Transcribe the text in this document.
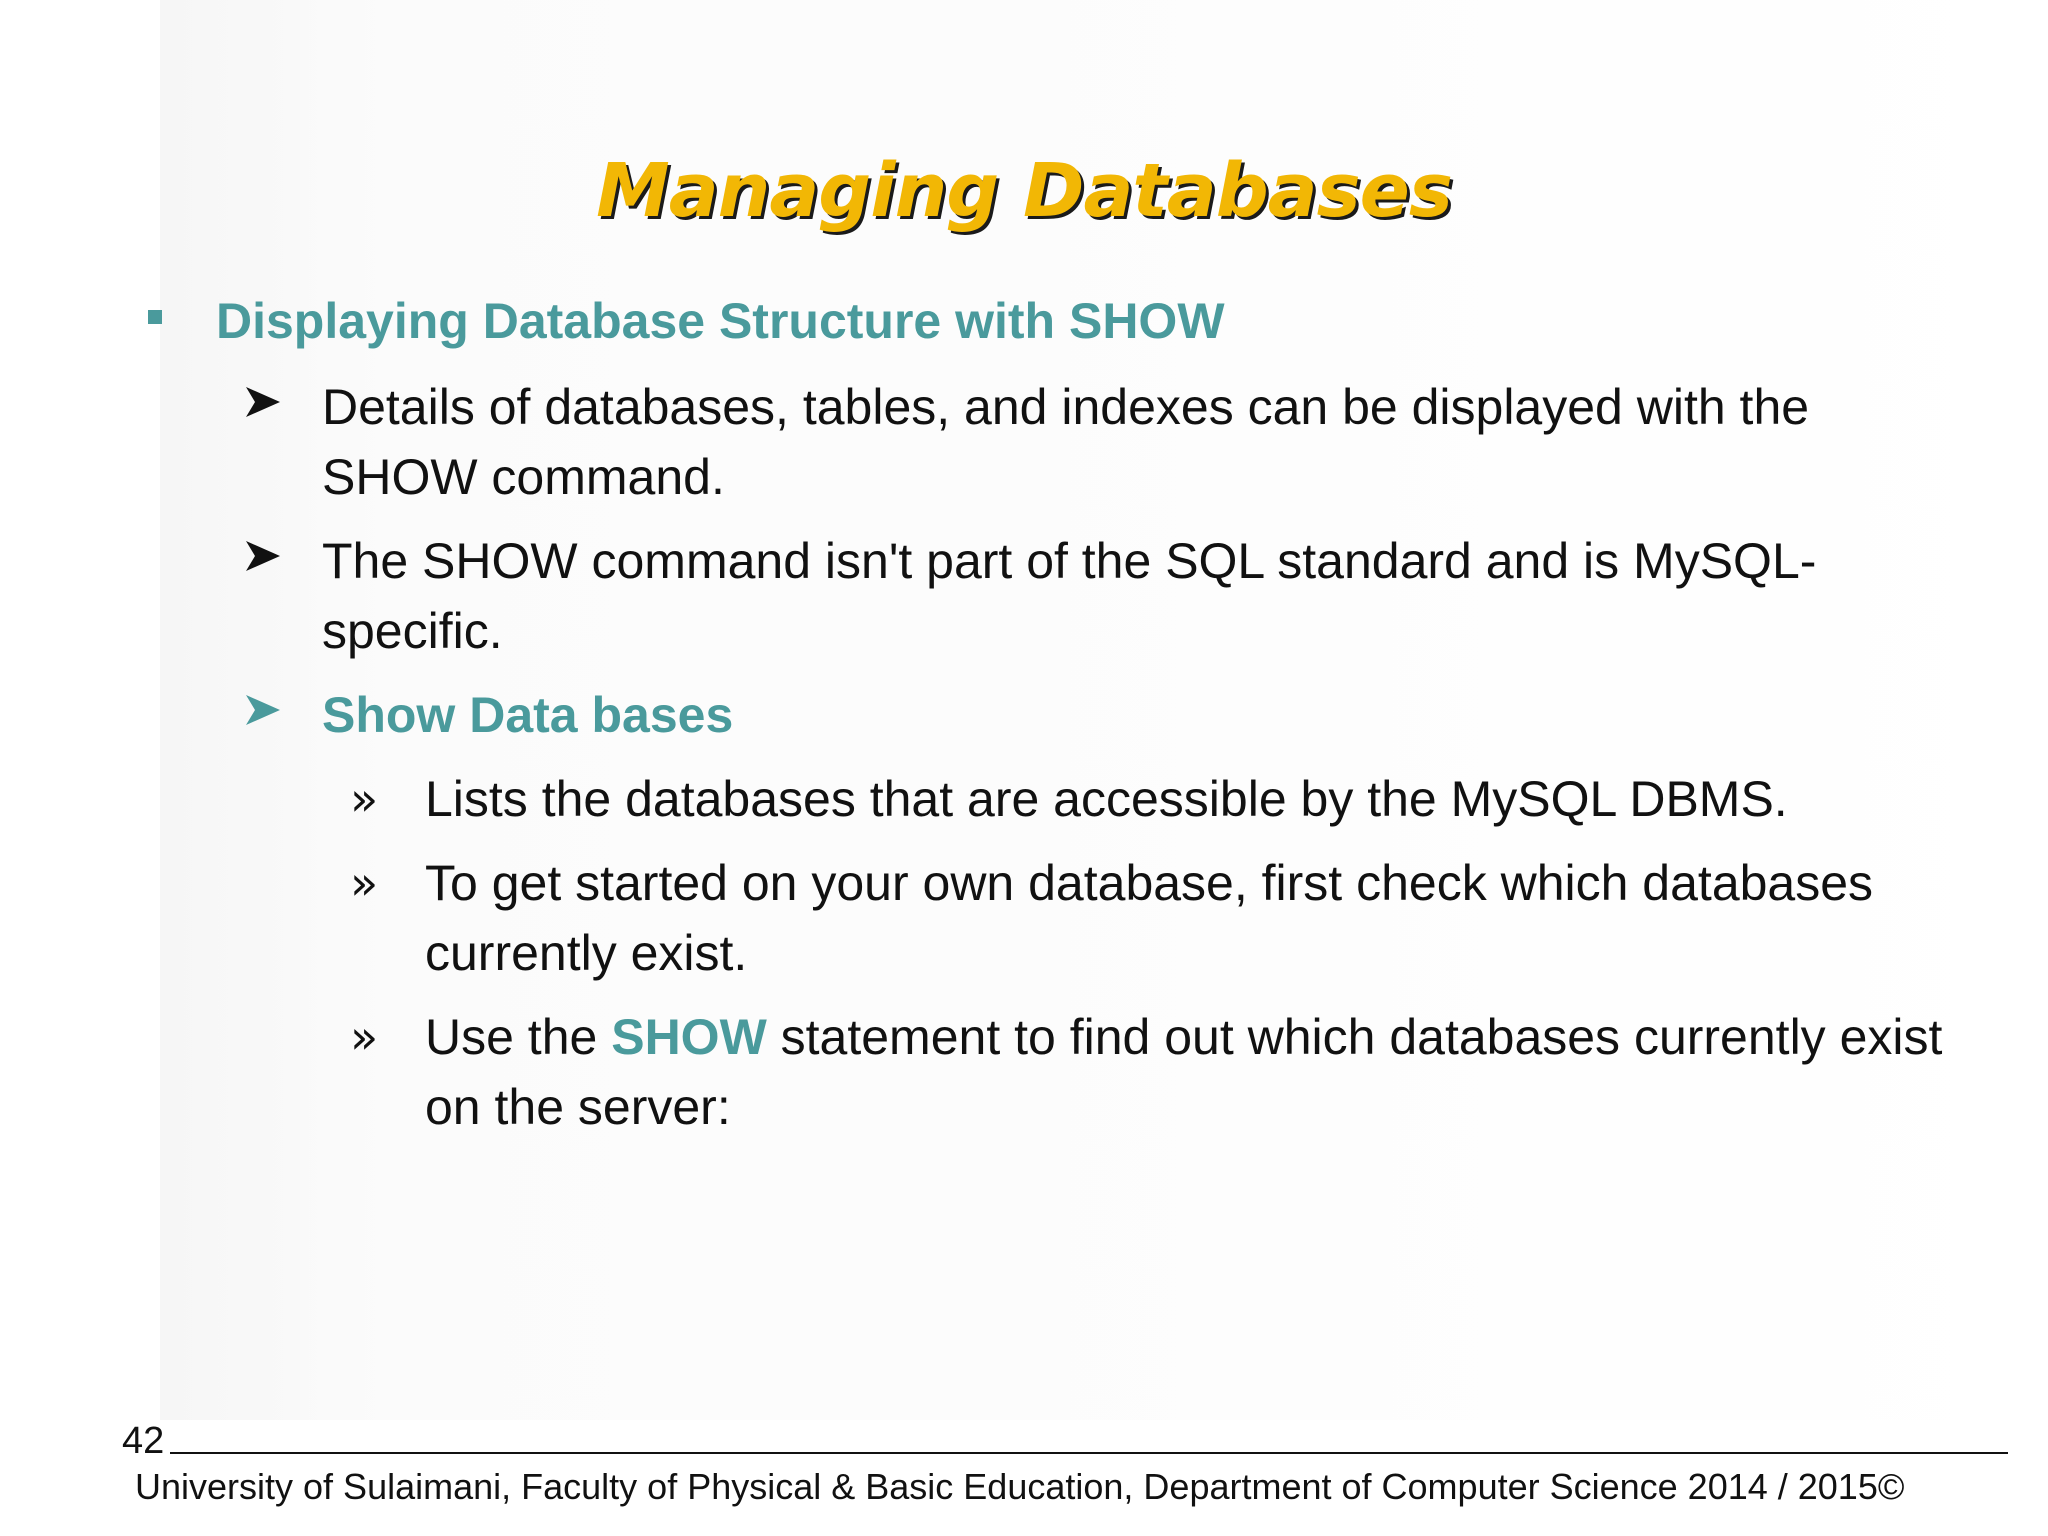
Managing Databases

Displaying Database Structure with SHOW

Details of databases, tables, and indexes can be displayed with the SHOW command.

The SHOW command isn't part of the SQL standard and is MySQL-specific.

Show Data bases

» Lists the databases that are accessible by the MySQL DBMS.

» To get started on your own database, first check which databases currently exist.

» Use the SHOW statement to find out which databases currently exist on the server:

42
University of Sulaimani, Faculty of Physical & Basic Education, Department of Computer Science 2014 / 2015©
